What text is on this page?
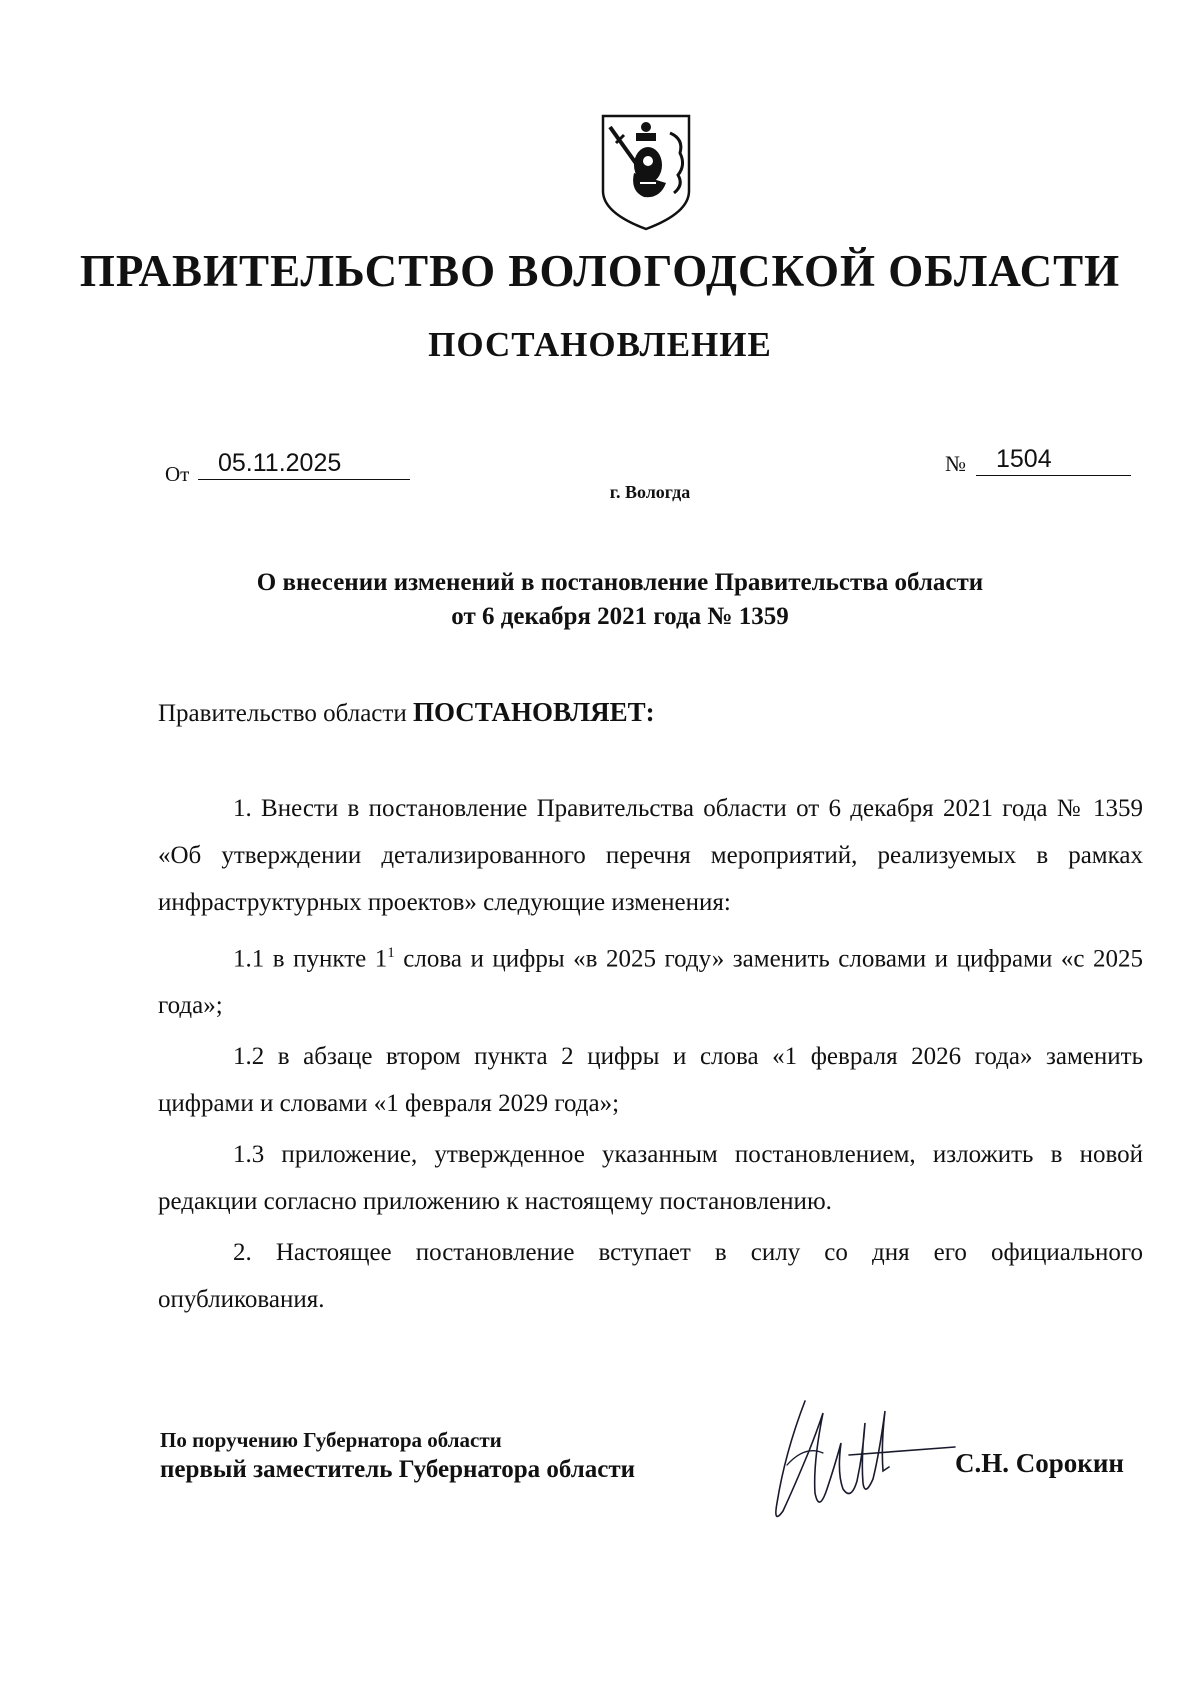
ПРАВИТЕЛЬСТВО ВОЛОГОДСКОЙ ОБЛАСТИ
ПОСТАНОВЛЕНИЕ
От	05.11.2025	№	1504
г. Вологда
О внесении изменений в постановление Правительства области
от 6 декабря 2021 года № 1359
Правительство области ПОСТАНОВЛЯЕТ:

1. Внести в постановление Правительства области от 6 декабря 2021 года № 1359 «Об утверждении детализированного перечня мероприятий, реализуемых в рамках инфраструктурных проектов» следующие изменения:

1.1 в пункте $1^1$ слова и цифры «в 2025 году» заменить словами и цифрами «с 2025 года»;

1.2 в абзаце втором пункта 2 цифры и слова «1 февраля 2026 года» заменить цифрами и словами «1 февраля 2029 года»;

1.3 приложение, утвержденное указанным постановлением, изложить в новой редакции согласно приложению к настоящему постановлению.

2. Настоящее постановление вступает в силу со дня его официального опубликования.

По поручению Губернатора области
первый заместитель Губернатора области	С.Н. Сорокин
